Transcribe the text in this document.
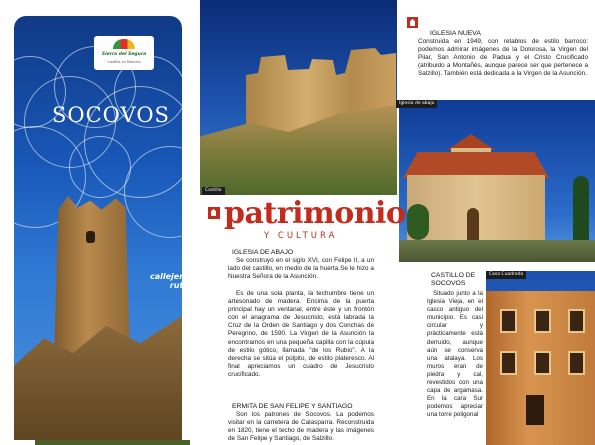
Sierra del Segura
Castilla-La Mancha
SOCOVOS
callejeros
rutas
Castillo
IGLESIA NUEVA
Construida en 1949, con retablos de estilo barroco: podemos admirar imágenes de la Dolorosa, la Virgen del Pilar, San Antonio de Padua y el Cristo Crucificado (atribuido a Montañés, aunque parece ser que pertenece a Salzillo). También está dedicada a la Virgen de la Asunción.
Iglesia de abajo
patrimonio
Y CULTURA
IGLESIA DE ABAJO
Se construyó en el siglo XVI, con Felipe II, a un lado del castillo, en medio de la huerta.Se le hizo a Nuestra Señora de la Asunción.
Es de una sola planta, la techumbre tiene un artesonado de madera. Encima de la puerta principal hay un ventanal, entre éste y un frontón con el anagrama de Jesucristo, está labrada la Cruz de la Orden de Santiago y dos Conchas de Peregrino, de 1590. La Virgen de la Asunción la encontramos en una pequeña capilla con la cúpula de estilo gótico, llamada "de los Rubio". A la derecha se sitúa el púlpito, de estilo plateresco. Al final apreciamos un cuadro de Jesucristo crucificado.
ERMITA DE SAN FELIPE Y SANTIAGO
Son los patrones de Socovos. La podemos visitar en la carretera de Calasparra. Reconstruida en 1820, tiene el techo de madera y las imágenes de San Felipe y Santiago, de Salzillo.
CASTILLO DE
SOCOVOS
Situado junto a la Iglesia Vieja, en el casco antiguo del municipio. Es casi circular y prácticamente está derruido, aunque aún se conserva una atalaya. Los muros eran de piedra y cal, revestidos con una capa de argamasa. En la cara Sur podemos apreciar una torre poligonal
Casa Cuadrada
